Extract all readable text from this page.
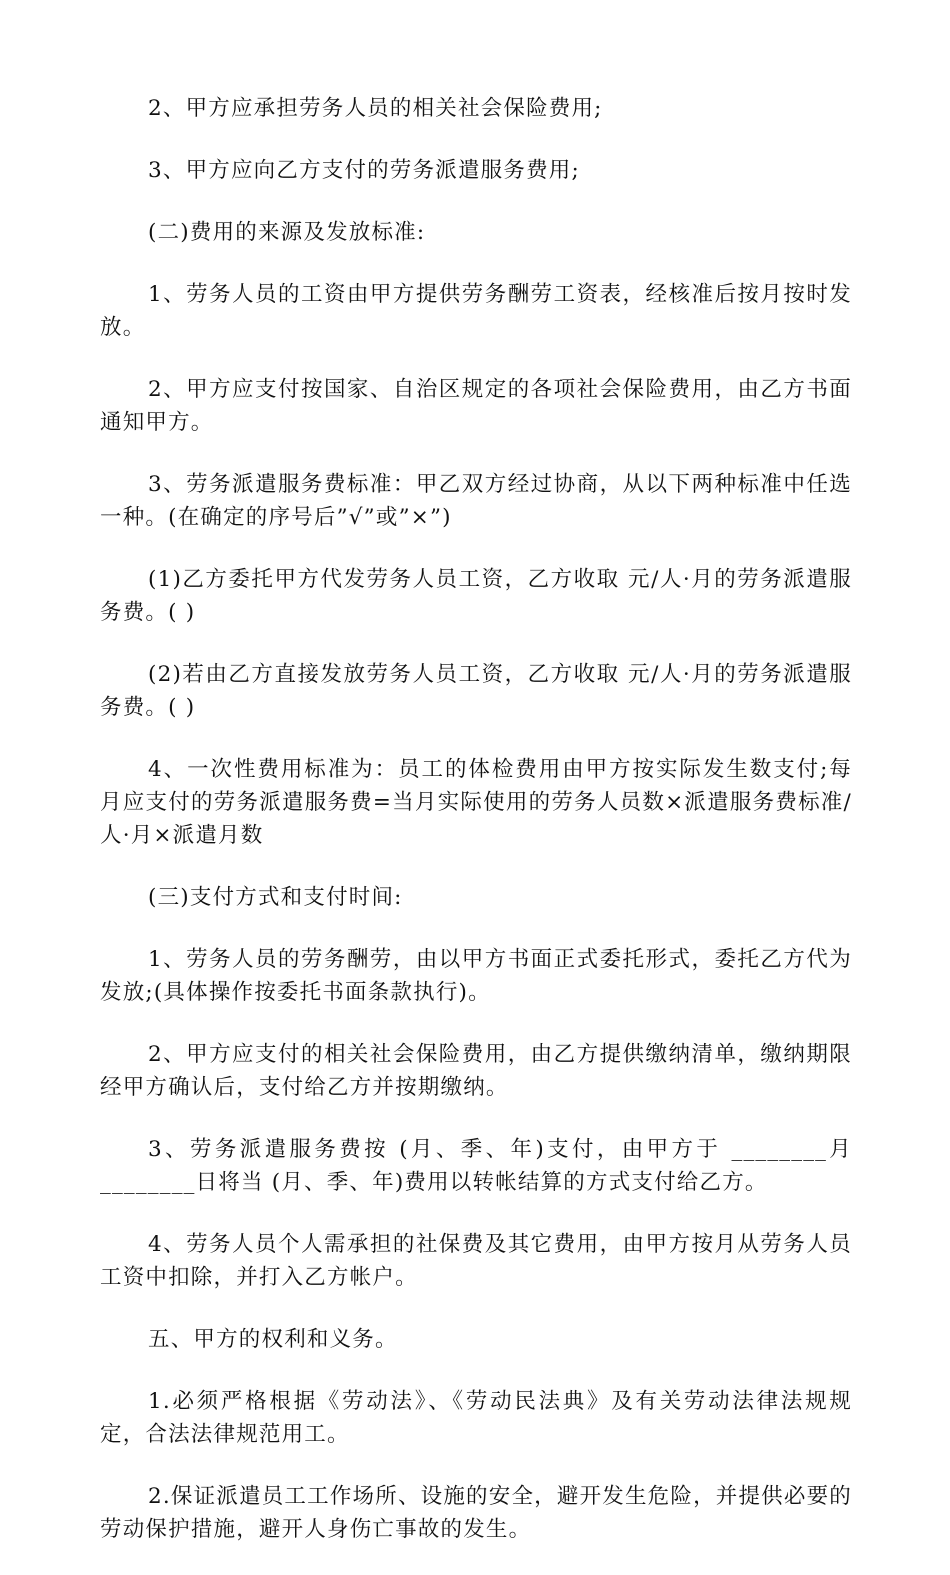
2、甲方应承担劳务人员的相关社会保险费用;

3、甲方应向乙方支付的劳务派遣服务费用;

(二)费用的来源及发放标准:

1、劳务人员的工资由甲方提供劳务酬劳工资表，经核准后按月按时发放。

2、甲方应支付按国家、自治区规定的各项社会保险费用，由乙方书面通知甲方。

3、劳务派遣服务费标准：甲乙双方经过协商，从以下两种标准中任选一种。(在确定的序号后”√”或”×”)

(1)乙方委托甲方代发劳务人员工资，乙方收取 元/人·月的劳务派遣服务费。( )

(2)若由乙方直接发放劳务人员工资，乙方收取 元/人·月的劳务派遣服务费。( )

4、一次性费用标准为：员工的体检费用由甲方按实际发生数支付;每月应支付的劳务派遣服务费=当月实际使用的劳务人员数×派遣服务费标准/人·月×派遣月数

(三)支付方式和支付时间:

1、劳务人员的劳务酬劳，由以甲方书面正式委托形式，委托乙方代为发放;(具体操作按委托书面条款执行)。

2、甲方应支付的相关社会保险费用，由乙方提供缴纳清单，缴纳期限经甲方确认后，支付给乙方并按期缴纳。

3、劳务派遣服务费按 (月、季、年)支付，由甲方于 ________月________日将当 (月、季、年)费用以转帐结算的方式支付给乙方。

4、劳务人员个人需承担的社保费及其它费用，由甲方按月从劳务人员工资中扣除，并打入乙方帐户。

五、甲方的权利和义务。

1.必须严格根据《劳动法》、《劳动民法典》及有关劳动法律法规规定，合法法律规范用工。

2.保证派遣员工工作场所、设施的安全，避开发生危险，并提供必要的劳动保护措施，避开人身伤亡事故的发生。
